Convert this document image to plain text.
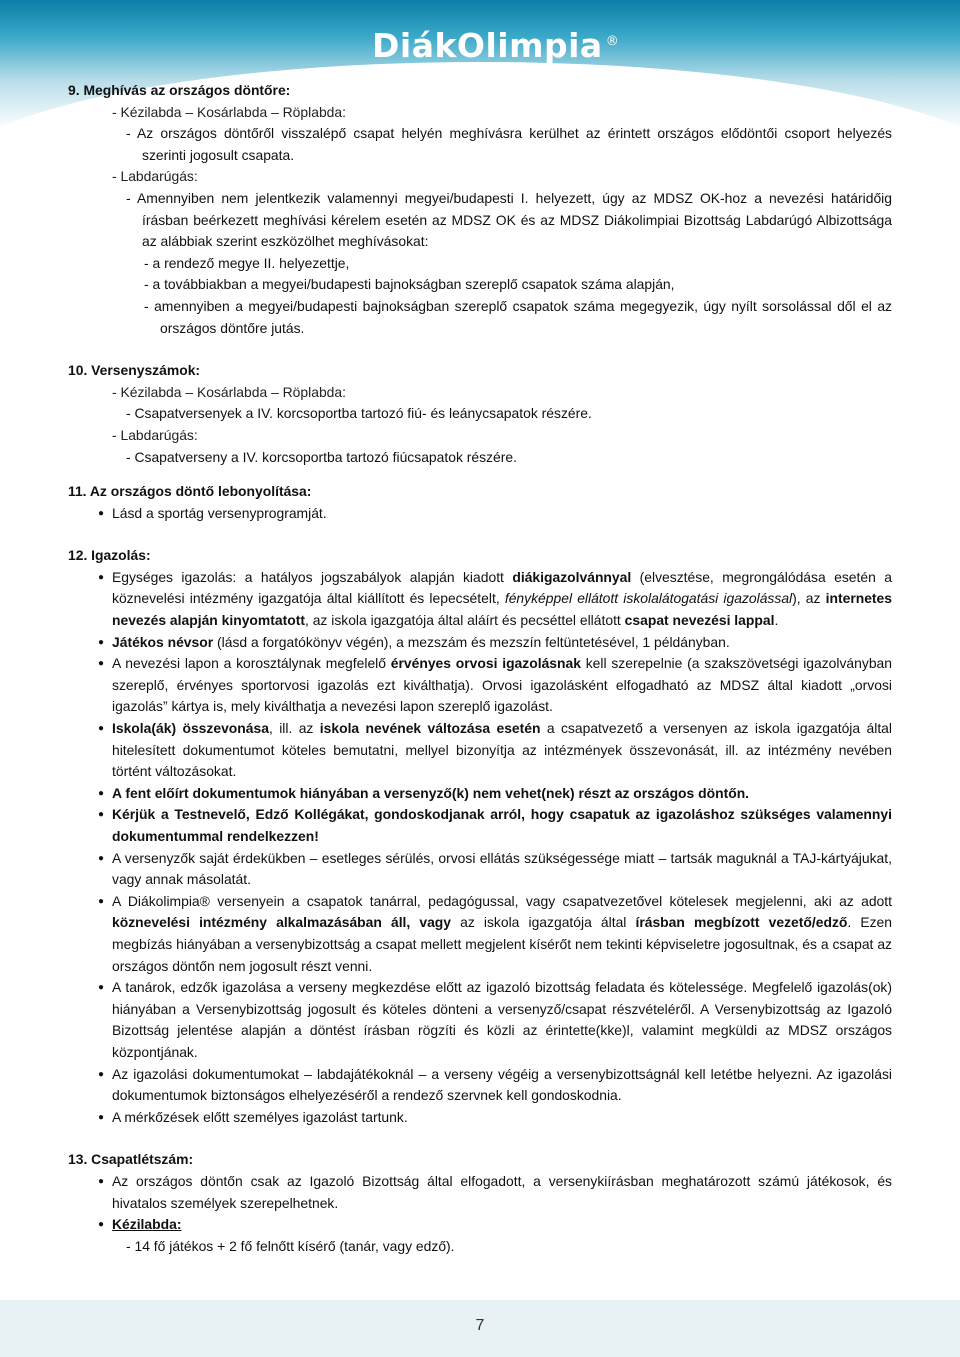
DiákOlimpia ®

9. Meghívás az országos döntőre:

- Kézilabda – Kosárlabda – Röplabda:

- Az országos döntőről visszalépő csapat helyén meghívásra kerülhet az érintett országos elődöntői csoport helyezés szerinti jogosult csapata.

- Labdarúgás:

- Amennyiben nem jelentkezik valamennyi megyei/budapesti I. helyezett, úgy az MDSZ OK-hoz a nevezési határidőig írásban beérkezett meghívási kérelem esetén az MDSZ OK és az MDSZ Diákolimpiai Bizottság Labdarúgó Albizottsága az alábbiak szerint eszközölhet meghívásokat:

- a rendező megye II. helyezettje,

- a továbbiakban a megyei/budapesti bajnokságban szereplő csapatok száma alapján,

- amennyiben a megyei/budapesti bajnokságban szereplő csapatok száma megegyezik, úgy nyílt sorsolással dől el az országos döntőre jutás.

10. Versenyszámok:

- Kézilabda – Kosárlabda – Röplabda:

- Csapatversenyek a IV. korcsoportba tartozó fiú- és leánycsapatok részére.

- Labdarúgás:

- Csapatverseny a IV. korcsoportba tartozó fiúcsapatok részére.

11. Az országos döntő lebonyolítása:

● Lásd a sportág versenyprogramját.

12. Igazolás:

● Egységes igazolás: a hatályos jogszabályok alapján kiadott diákigazolvánnyal (elvesztése, megrongálódása esetén a köznevelési intézmény igazgatója által kiállított és lepecsételt, fényképpel ellátott iskolalátogatási igazolással), az internetes nevezés alapján kinyomtatott, az iskola igazgatója által aláírt és pecséttel ellátott csapat nevezési lappal.

● Játékos névsor (lásd a forgatókönyv végén), a mezszám és mezszín feltüntetésével, 1 példányban.

● A nevezési lapon a korosztálynak megfelelő érvényes orvosi igazolásnak kell szerepelnie (a szakszövetségi igazolványban szereplő, érvényes sportorvosi igazolás ezt kiválthatja). Orvosi igazolásként elfogadható az MDSZ által kiadott „orvosi igazolás” kártya is, mely kiválthatja a nevezési lapon szereplő igazolást.

● Iskola(ák) összevonása, ill. az iskola nevének változása esetén a csapatvezető a versenyen az iskola igazgatója által hitelesített dokumentumot köteles bemutatni, mellyel bizonyítja az intézmények összevonását, ill. az intézmény nevében történt változásokat.

● A fent előírt dokumentumok hiányában a versenyző(k) nem vehet(nek) részt az országos döntőn.

● Kérjük a Testnevelő, Edző Kollégákat, gondoskodjanak arról, hogy csapatuk az igazoláshoz szükséges valamennyi dokumentummal rendelkezzen!

● A versenyzők saját érdekükben – esetleges sérülés, orvosi ellátás szükségessége miatt – tartsák maguknál a TAJ-kártyájukat, vagy annak másolatát.

● A Diákolimpia® versenyein a csapatok tanárral, pedagógussal, vagy csapatvezetővel kötelesek megjelenni, aki az adott köznevelési intézmény alkalmazásában áll, vagy az iskola igazgatója által írásban megbízott vezető/edző. Ezen megbízás hiányában a versenybizottság a csapat mellett megjelent kísérőt nem tekinti képviseletre jogosultnak, és a csapat az országos döntőn nem jogosult részt venni.

● A tanárok, edzők igazolása a verseny megkezdése előtt az igazoló bizottság feladata és kötelessége. Megfelelő igazolás(ok) hiányában a Versenybizottság jogosult és köteles dönteni a versenyző/csapat részvételéről. A Versenybizottság az Igazoló Bizottság jelentése alapján a döntést írásban rögzíti és közli az érintette(kke)l, valamint megküldi az MDSZ országos központjának.

● Az igazolási dokumentumokat – labdajátékoknál – a verseny végéig a versenybizottságnál kell letétbe helyezni. Az igazolási dokumentumok biztonságos elhelyezéséről a rendező szervnek kell gondoskodnia.

● A mérkőzések előtt személyes igazolást tartunk.

13. Csapatlétszám:

● Az országos döntőn csak az Igazoló Bizottság által elfogadott, a versenykiírásban meghatározott számú játékosok, és hivatalos személyek szerepelhetnek.

● Kézilabda:

- 14 fő játékos + 2 fő felnőtt kísérő (tanár, vagy edző).

7
